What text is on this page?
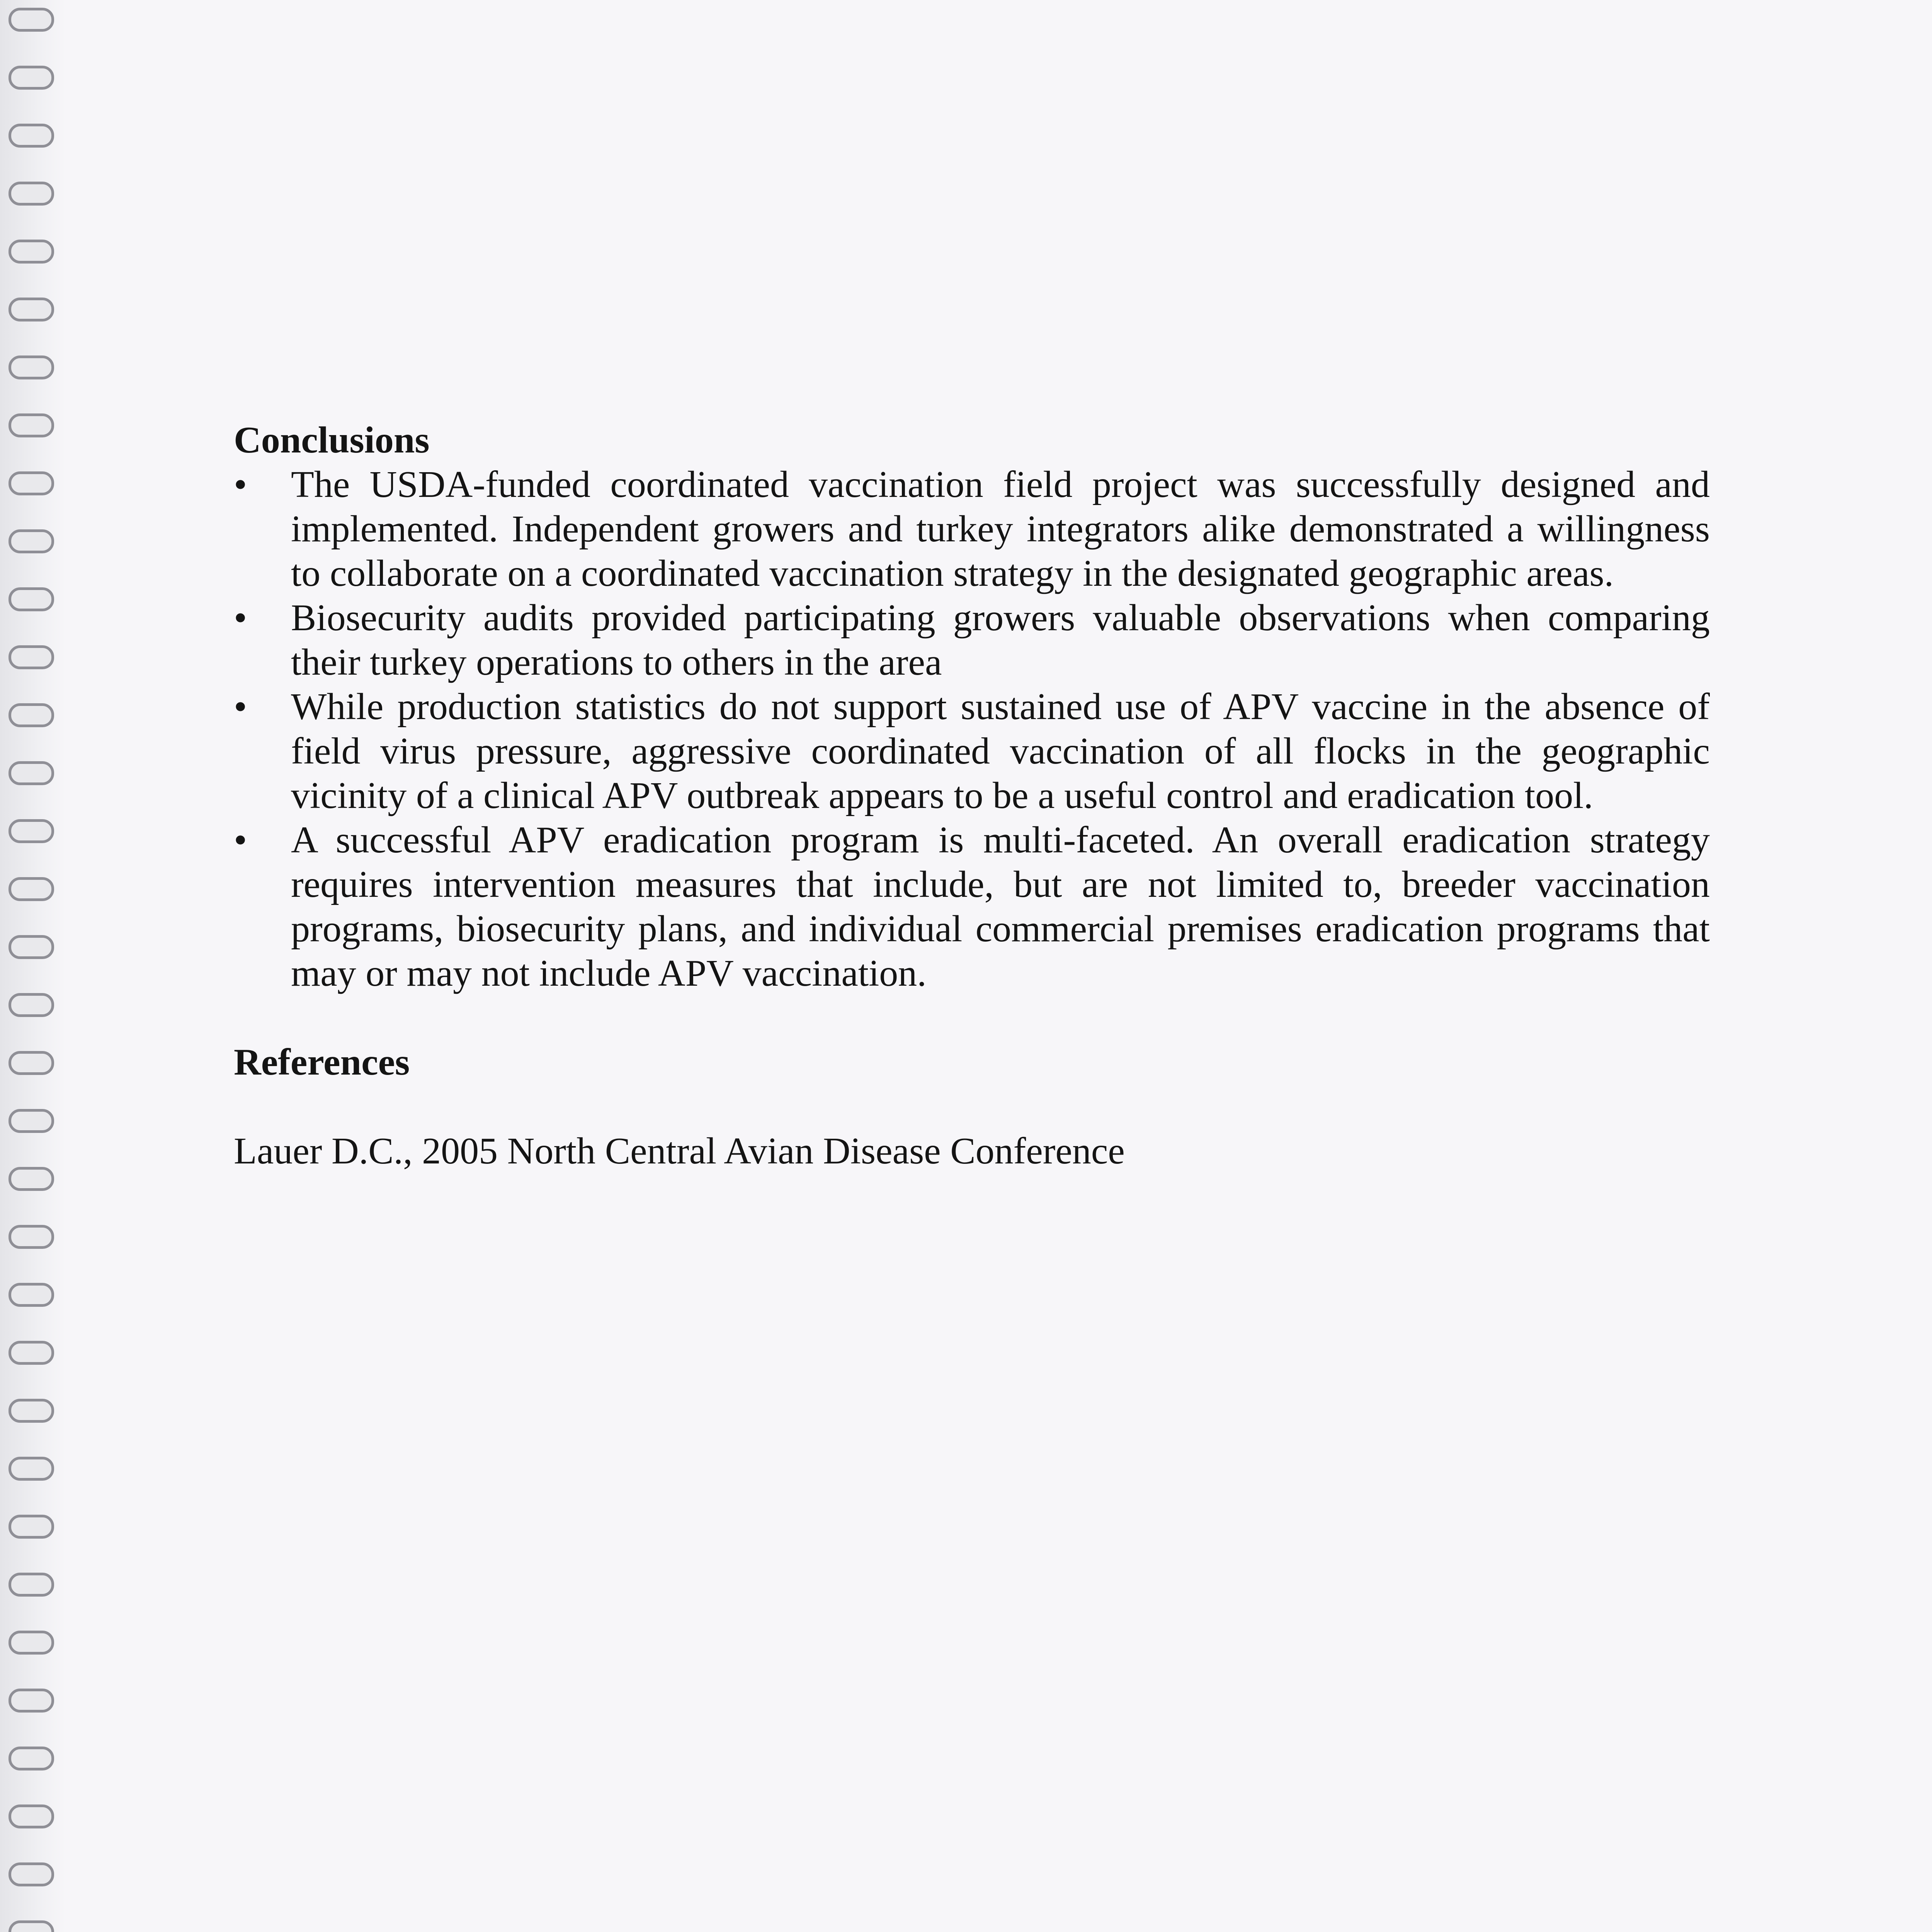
Conclusions
• The USDA-funded coordinated vaccination field project was successfully designed and implemented. Independent growers and turkey integrators alike demonstrated a willingness to collaborate on a coordinated vaccination strategy in the designated geographic areas.
• Biosecurity audits provided participating growers valuable observations when comparing their turkey operations to others in the area
• While production statistics do not support sustained use of APV vaccine in the absence of field virus pressure, aggressive coordinated vaccination of all flocks in the geographic vicinity of a clinical APV outbreak appears to be a useful control and eradication tool.
• A successful APV eradication program is multi-faceted. An overall eradication strategy requires intervention measures that include, but are not limited to, breeder vaccination programs, biosecurity plans, and individual commercial premises eradication programs that may or may not include APV vaccination.
References
Lauer D.C., 2005 North Central Avian Disease Conference
